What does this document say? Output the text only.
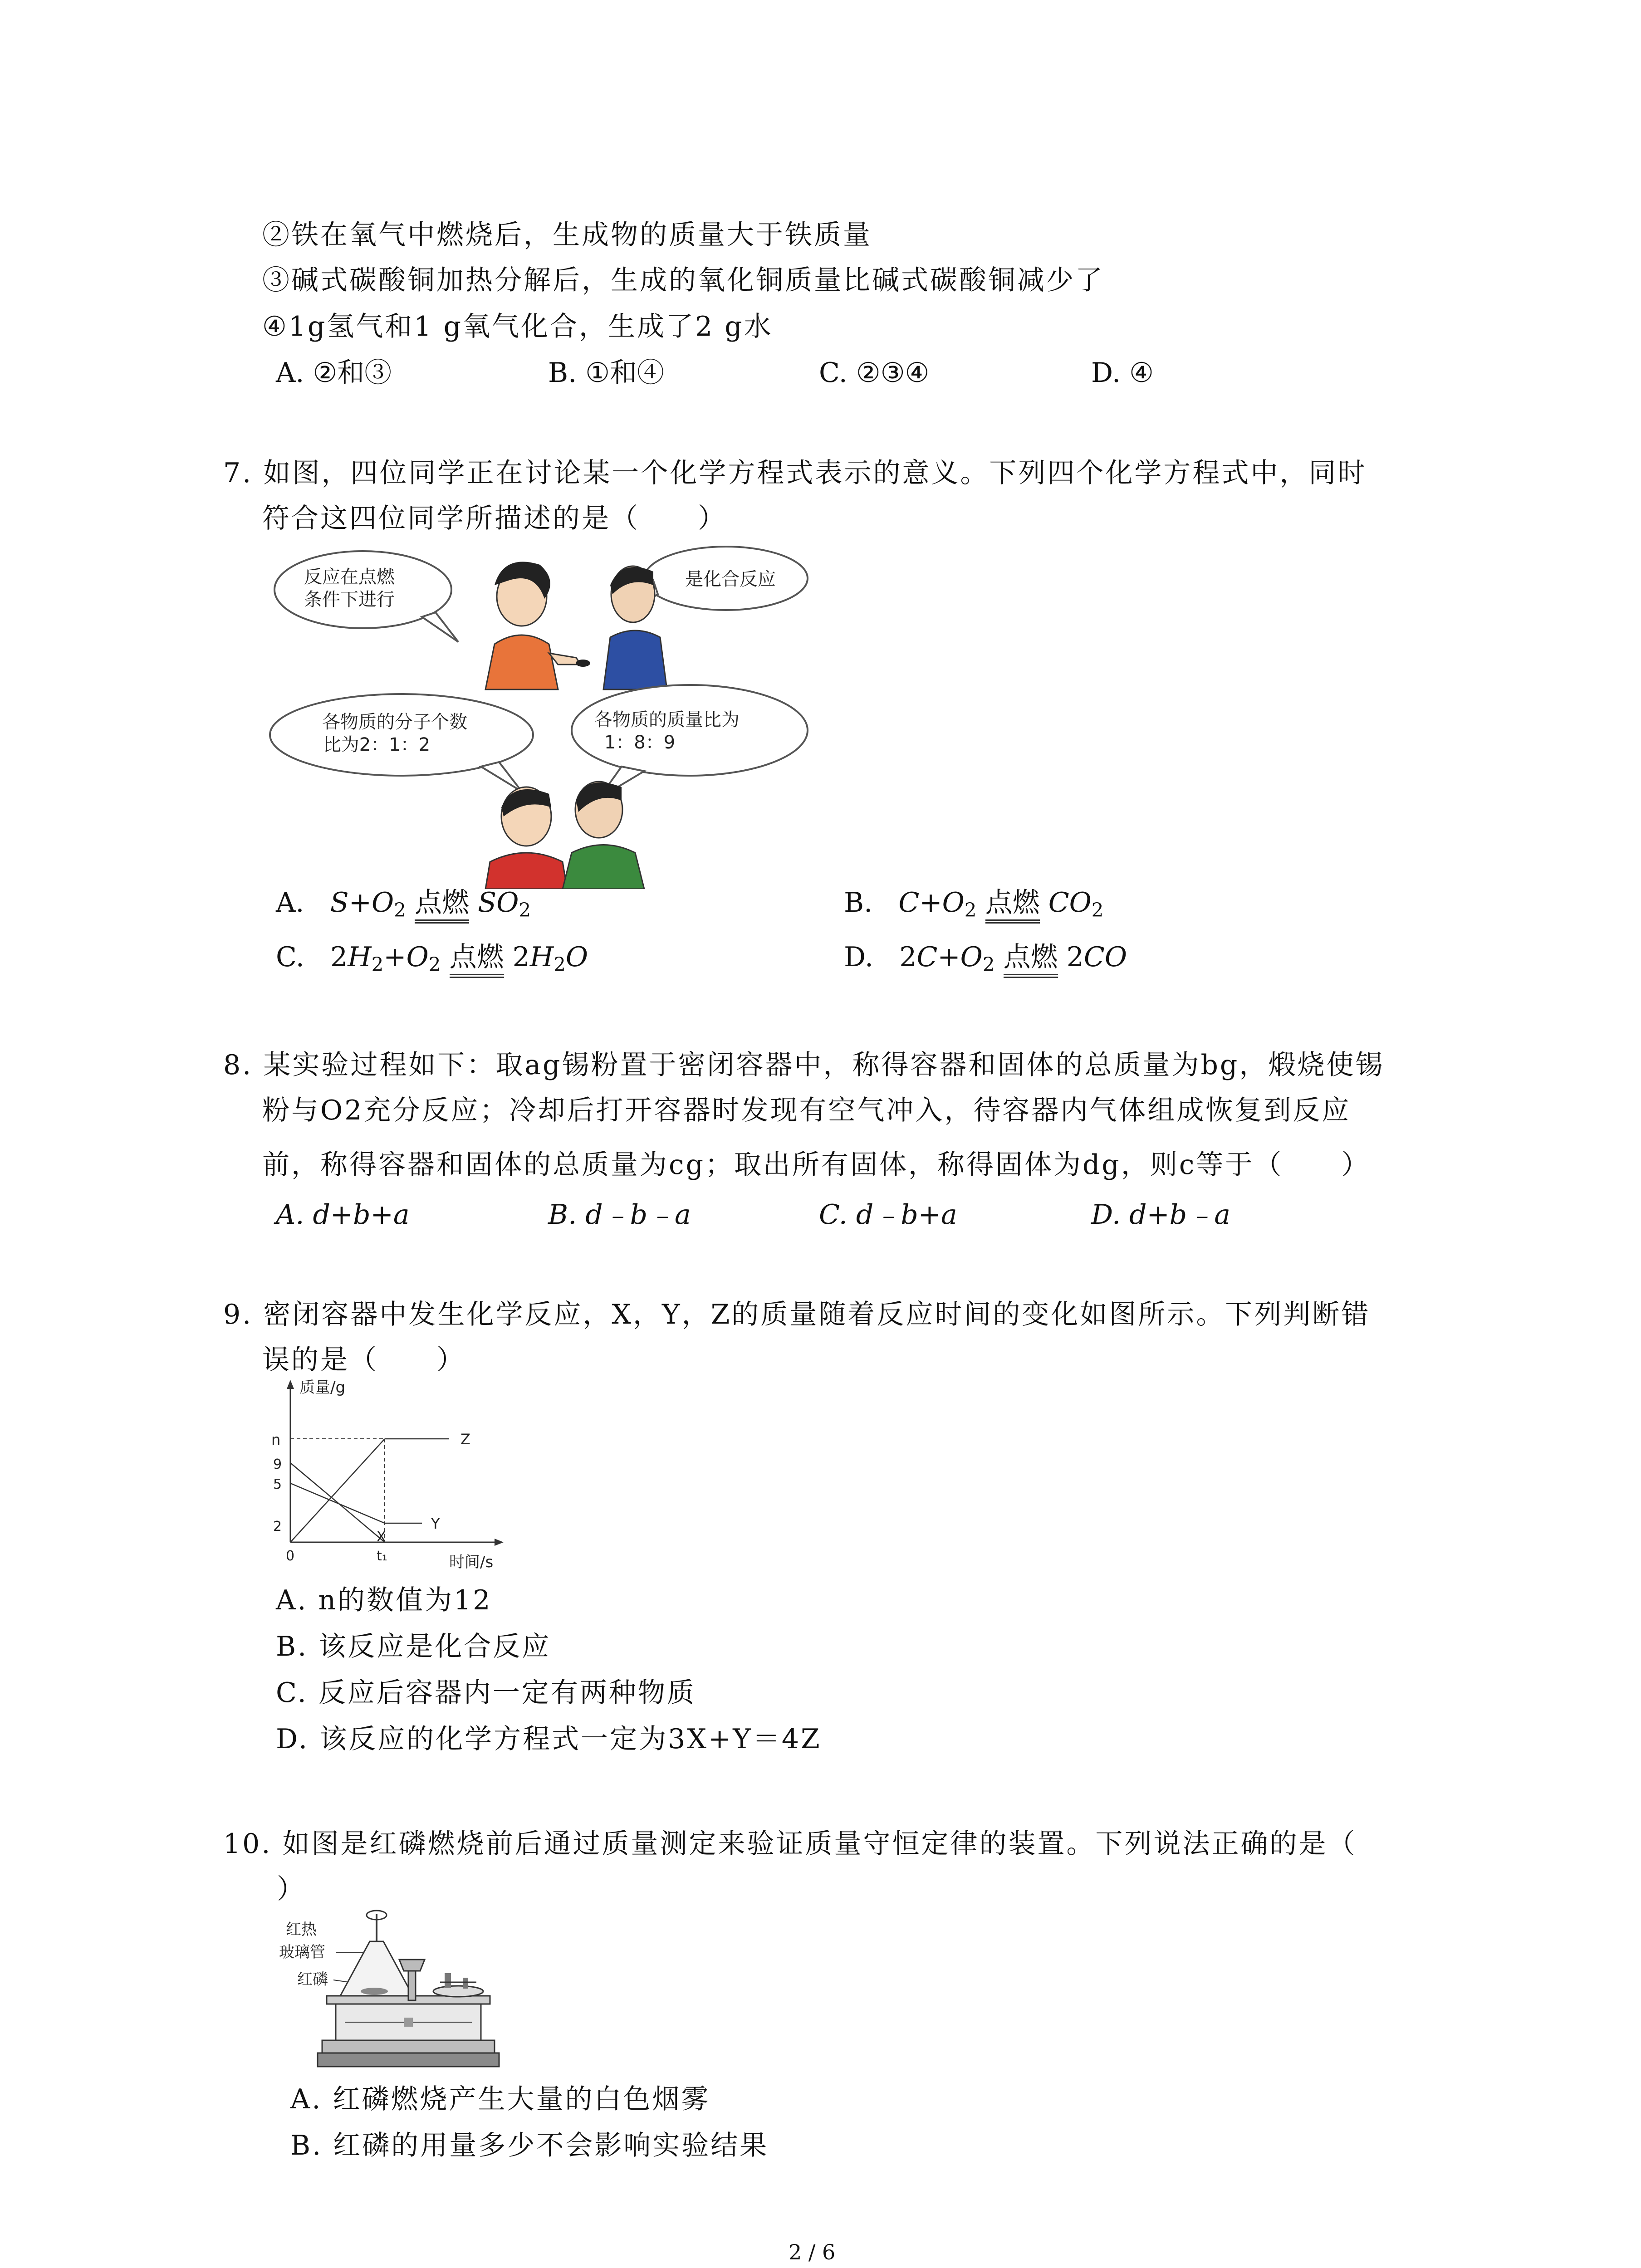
②铁在氧气中燃烧后，生成物的质量大于铁质量
③碱式碳酸铜加热分解后，生成的氧化铜质量比碱式碳酸铜减少了
④1g氢气和1 g氧气化合，生成了2 g水
A. ②和③	B. ①和④	C. ②③④	D. ④
7. 如图，四位同学正在讨论某一个化学方程式表示的意义。下列四个化学方程式中，同时
符合这四位同学所描述的是（　　）
反应在点燃
条件下进行
是化合反应
各物质的分子个数
比为2：1：2
各物质的质量比为
1：8：9
A. $S+O_2$ 点燃 $SO_2$	B. $C+O_2$ 点燃 $CO_2$
C.   $2H_2+O_2$ 点燃 $2H_2O$	D.   $2C+O_2$ 点燃 2CO
8. 某实验过程如下：取ag锡粉置于密闭容器中，称得容器和固体的总质量为bg，煅烧使锡
粉与O2充分反应；冷却后打开容器时发现有空气冲入，待容器内气体组成恢复到反应
前，称得容器和固体的总质量为cg；取出所有固体，称得固体为dg，则c等于（　　）
A. d+b+a	B. d﹣b﹣a	C. d﹣b+a	D. d+b﹣a
9. 密闭容器中发生化学反应，X，Y，Z的质量随着反应时间的变化如图所示。下列判断错
误的是（　　）
质量/g
时间/s
n
9
5
2
0	t₁
Z
X
Y
A. n的数值为12
B. 该反应是化合反应
C. 反应后容器内一定有两种物质
D. 该反应的化学方程式一定为3X+Y＝4Z
10. 如图是红磷燃烧前后通过质量测定来验证质量守恒定律的装置。下列说法正确的是（
）
红热
玻璃管
红磷
A. 红磷燃烧产生大量的白色烟雾
B. 红磷的用量多少不会影响实验结果
2 / 6
